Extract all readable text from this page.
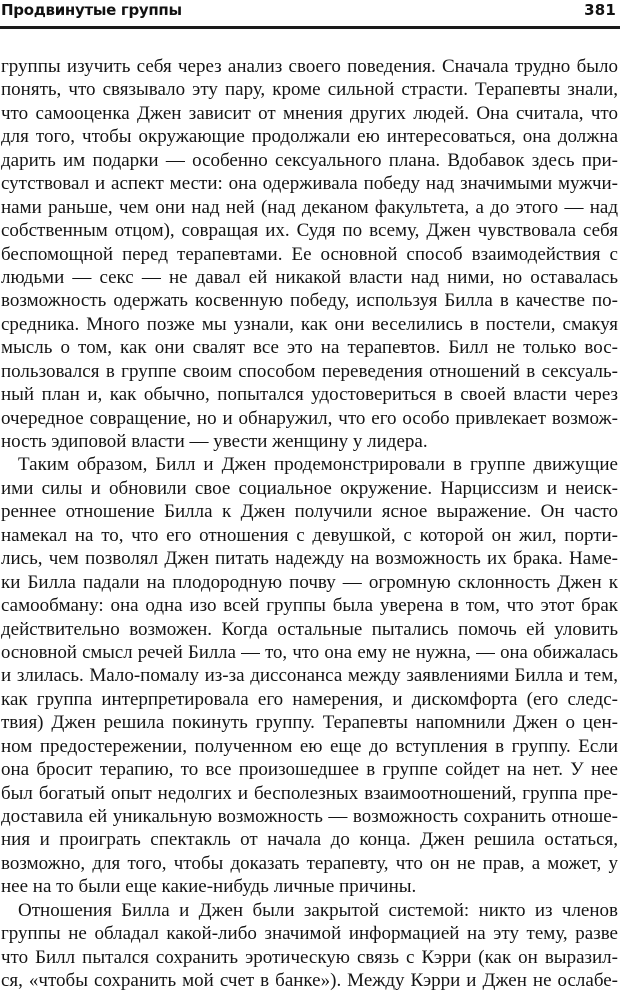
Продвинутые группы	381
группы изучить себя через анализ своего поведения. Сначала трудно было
понять, что связывало эту пару, кроме сильной страсти. Терапевты знали,
что самооценка Джен зависит от мнения других людей. Она считала, что
для того, чтобы окружающие продолжали ею интересоваться, она должна
дарить им подарки — особенно сексуального плана. Вдобавок здесь при-
сутствовал и аспект мести: она одерживала победу над значимыми мужчи-
нами раньше, чем они над ней (над деканом факультета, а до этого — над
собственным отцом), совращая их. Судя по всему, Джен чувствовала себя
беспомощной перед терапевтами. Ее основной способ взаимодействия с
людьми — секс — не давал ей никакой власти над ними, но оставалась
возможность одержать косвенную победу, используя Билла в качестве по-
средника. Много позже мы узнали, как они веселились в постели, смакуя
мысль о том, как они свалят все это на терапевтов. Билл не только вос-
пользовался в группе своим способом переведения отношений в сексуаль-
ный план и, как обычно, попытался удостовериться в своей власти через
очередное совращение, но и обнаружил, что его особо привлекает возмож-
ность эдиповой власти — увести женщину у лидера.
Таким образом, Билл и Джен продемонстрировали в группе движущие
ими силы и обновили свое социальное окружение. Нарциссизм и неиск-
реннее отношение Билла к Джен получили ясное выражение. Он часто
намекал на то, что его отношения с девушкой, с которой он жил, порти-
лись, чем позволял Джен питать надежду на возможность их брака. Наме-
ки Билла падали на плодородную почву — огромную склонность Джен к
самообману: она одна изо всей группы была уверена в том, что этот брак
действительно возможен. Когда остальные пытались помочь ей уловить
основной смысл речей Билла — то, что она ему не нужна, — она обижалась
и злилась. Мало-помалу из-за диссонанса между заявлениями Билла и тем,
как группа интерпретировала его намерения, и дискомфорта (его следс-
твия) Джен решила покинуть группу. Терапевты напомнили Джен о цен-
ном предостережении, полученном ею еще до вступления в группу. Если
она бросит терапию, то все произошедшее в группе сойдет на нет. У нее
был богатый опыт недолгих и бесполезных взаимоотношений, группа пре-
доставила ей уникальную возможность — возможность сохранить отноше-
ния и проиграть спектакль от начала до конца. Джен решила остаться,
возможно, для того, чтобы доказать терапевту, что он не прав, а может, у
нее на то были еще какие-нибудь личные причины.
Отношения Билла и Джен были закрытой системой: никто из членов
группы не обладал какой-либо значимой информацией на эту тему, разве
что Билл пытался сохранить эротическую связь с Кэрри (как он выразил-
ся, «чтобы сохранить мой счет в банке»). Между Кэрри и Джен не ослабе-
